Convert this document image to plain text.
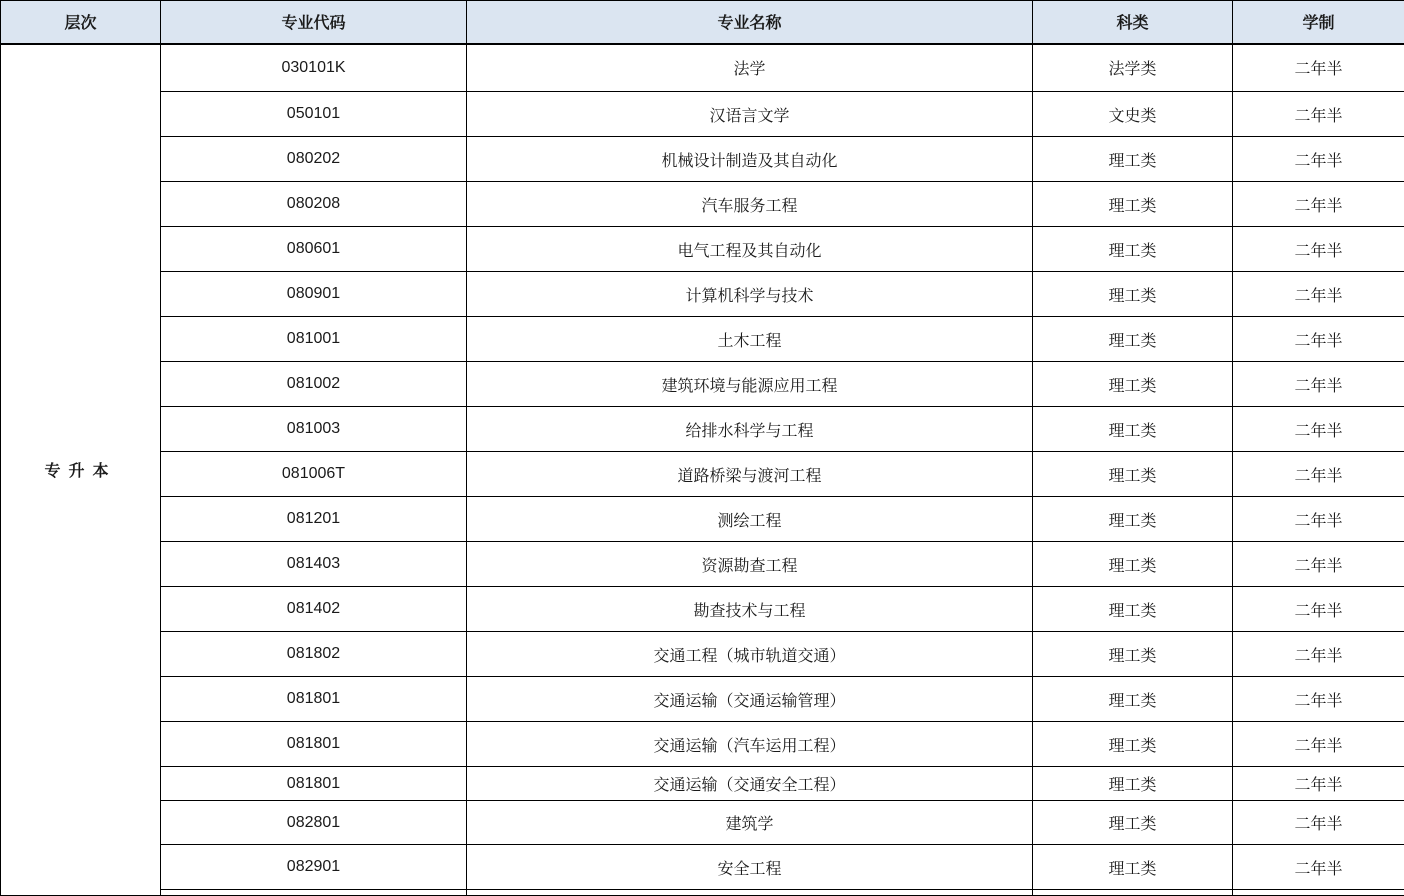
层次	专业代码	专业名称	科类	学制
专升本	030101K	法学	法学类	二年半
	050101	汉语言文学	文史类	二年半
	080202	机械设计制造及其自动化	理工类	二年半
	080208	汽车服务工程	理工类	二年半
	080601	电气工程及其自动化	理工类	二年半
	080901	计算机科学与技术	理工类	二年半
	081001	土木工程	理工类	二年半
	081002	建筑环境与能源应用工程	理工类	二年半
	081003	给排水科学与工程	理工类	二年半
	081006T	道路桥梁与渡河工程	理工类	二年半
	081201	测绘工程	理工类	二年半
	081403	资源勘查工程	理工类	二年半
	081402	勘查技术与工程	理工类	二年半
	081802	交通工程（城市轨道交通）	理工类	二年半
	081801	交通运输（交通运输管理）	理工类	二年半
	081801	交通运输（汽车运用工程）	理工类	二年半
	081801	交通运输（交通安全工程）	理工类	二年半
	082801	建筑学	理工类	二年半
	082901	安全工程	理工类	二年半
